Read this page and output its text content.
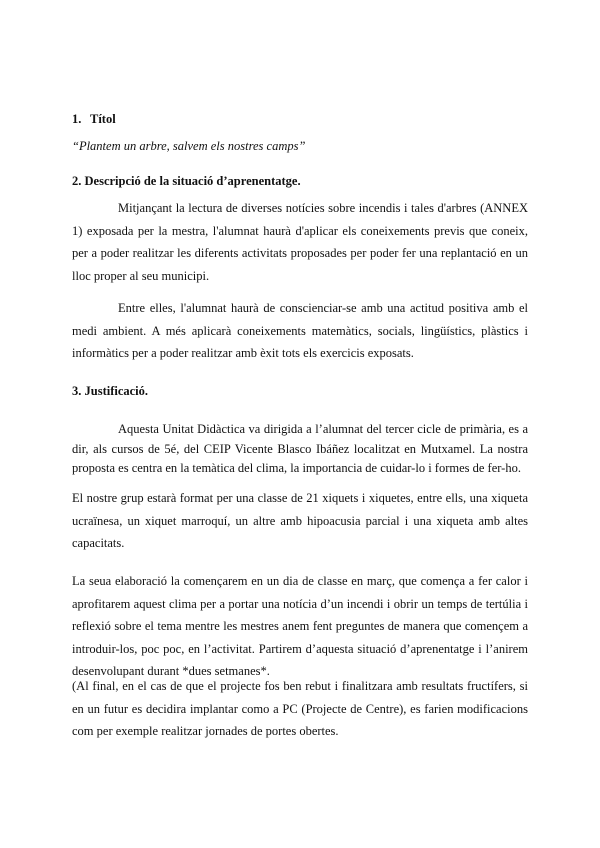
1. Títol
“Plantem un arbre, salvem els nostres camps”
2. Descripció de la situació d’aprenentatge.
Mitjançant la lectura de diverses notícies sobre incendis i tales d'arbres (ANNEX 1) exposada per la mestra, l'alumnat haurà d'aplicar els coneixements previs que coneix, per a poder realitzar les diferents activitats proposades per poder fer una replantació en un lloc proper al seu municipi.
Entre elles, l'alumnat haurà de conscienciar-se amb una actitud positiva amb el medi ambient. A més aplicarà coneixements matemàtics, socials, lingüístics, plàstics i informàtics per a poder realitzar amb èxit tots els exercicis exposats.
3. Justificació.
Aquesta Unitat Didàctica va dirigida a l’alumnat del tercer cicle de primària, es a dir, als cursos de 5é, del CEIP Vicente Blasco Ibáñez localitzat en Mutxamel. La nostra proposta es centra en la temàtica del clima, la importancia de cuidar-lo i formes de fer-ho.
El nostre grup estarà format per una classe de 21 xiquets i xiquetes, entre ells, una xiqueta ucraïnesa, un xiquet marroquí, un altre amb hipoacusia parcial i una xiqueta amb altes capacitats.
La seua elaboració la començarem en un dia de classe en març, que comença a fer calor i aprofitarem aquest clima per a portar una notícia d’un incendi i obrir un temps de tertúlia i reflexió sobre el tema mentre les mestres anem fent preguntes de manera que començem a introduir-los, poc poc, en l’activitat. Partirem d’aquesta situació d’aprenentatge i l’anirem desenvolupant durant *dues setmanes*.
(Al final, en el cas de que el projecte fos ben rebut i finalitzara amb resultats fructífers, si en un futur es decidira implantar como a PC (Projecte de Centre), es farien modificacions com per exemple realitzar jornades de portes obertes.
